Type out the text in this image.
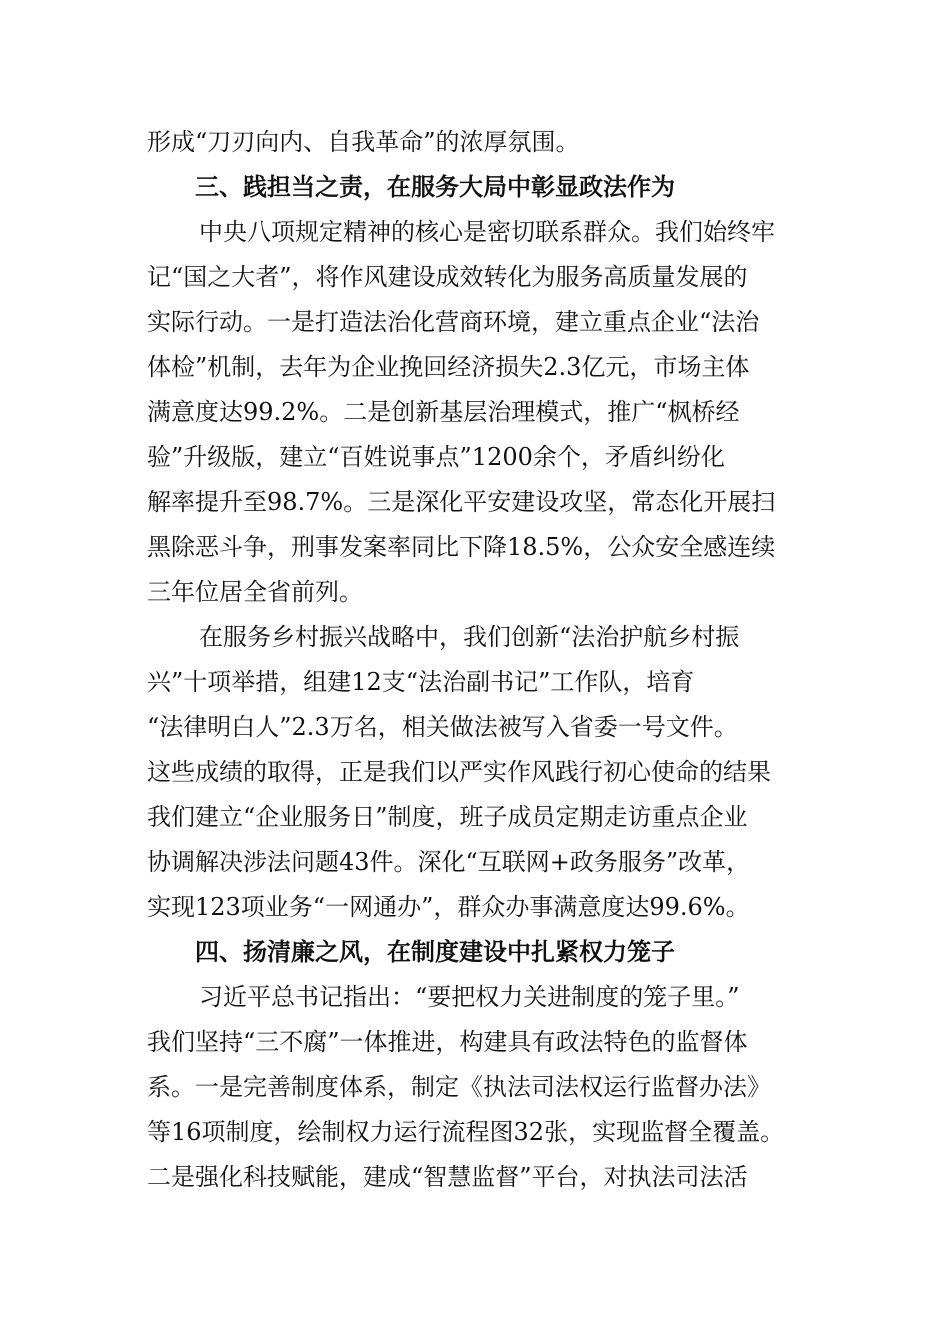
形成“刀刃向内、自我革命”的浓厚氛围。
三、践担当之责，在服务大局中彰显政法作为
中央八项规定精神的核心是密切联系群众。我们始终牢
记“国之大者”，将作风建设成效转化为服务高质量发展的
实际行动。一是打造法治化营商环境，建立重点企业“法治
体检”机制，去年为企业挽回经济损失2.3亿元，市场主体
满意度达99.2%。二是创新基层治理模式，推广“枫桥经
验”升级版，建立“百姓说事点”1200余个，矛盾纠纷化
解率提升至98.7%。三是深化平安建设攻坚，常态化开展扫
黑除恶斗争，刑事发案率同比下降18.5%，公众安全感连续
三年位居全省前列。
在服务乡村振兴战略中，我们创新“法治护航乡村振
兴”十项举措，组建12支“法治副书记”工作队，培育
“法律明白人”2.3万名，相关做法被写入省委一号文件。
这些成绩的取得，正是我们以严实作风践行初心使命的结果
我们建立“企业服务日”制度，班子成员定期走访重点企业
协调解决涉法问题43件。深化“互联网+政务服务”改革，
实现123项业务“一网通办”，群众办事满意度达99.6%。
四、扬清廉之风，在制度建设中扎紧权力笼子
习近平总书记指出：“要把权力关进制度的笼子里。”
我们坚持“三不腐”一体推进，构建具有政法特色的监督体
系。一是完善制度体系，制定《执法司法权运行监督办法》
等16项制度，绘制权力运行流程图32张，实现监督全覆盖。
二是强化科技赋能，建成“智慧监督”平台，对执法司法活
